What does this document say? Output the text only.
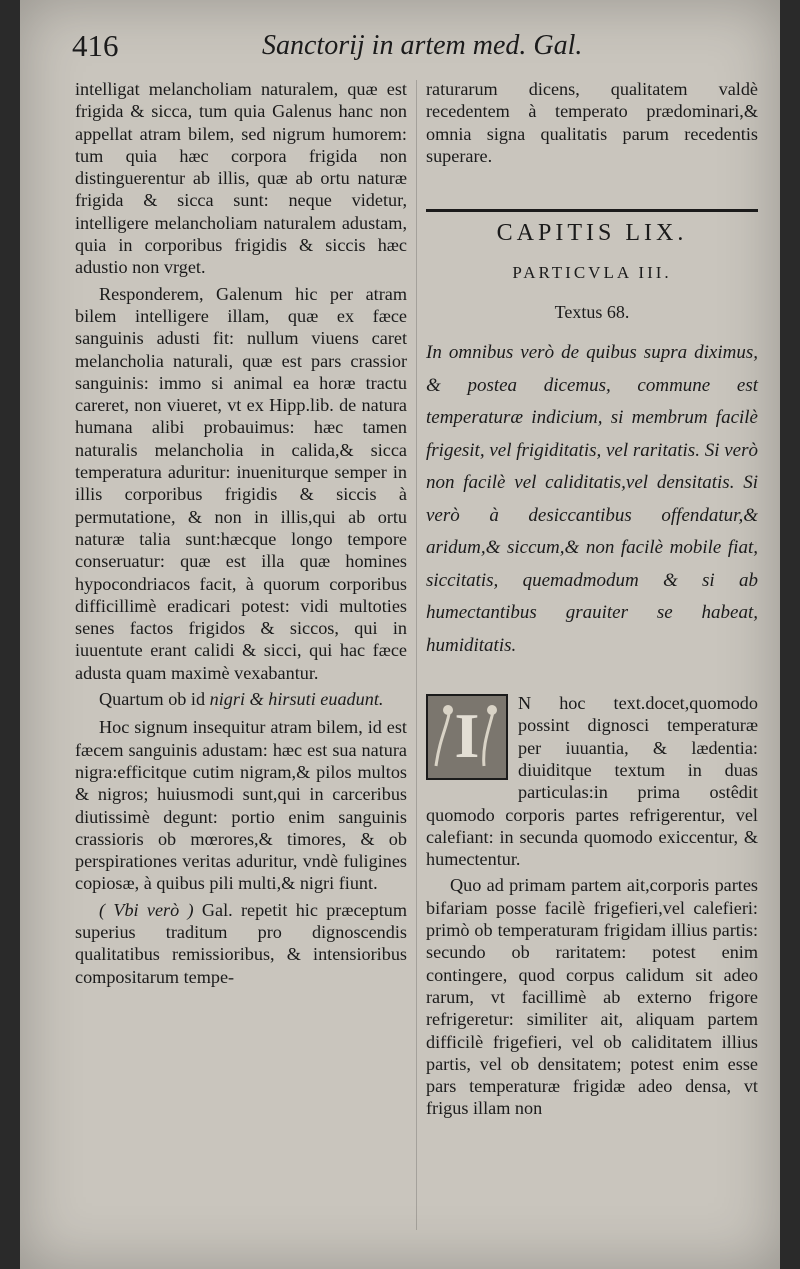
416	Sanctorij in artem med. Gal.

intelligat melancholiam naturalem, quæ est frigida & sicca, tum quia Galenus hanc non appellat atram bilem, sed nigrum humorem: tum quia hæc corpora frigida non distinguerentur ab illis, quæ ab ortu naturæ frigida & sicca sunt: neque videtur, intelligere melancholiam naturalem adustam, quia in corporibus frigidis & siccis hæc adustio non vrget.

Responderem, Galenum hic per atram bilem intelligere illam, quæ ex fæce sanguinis adusti fit: nullum viuens caret melancholia naturali, quæ est pars crassior sanguinis: immo si animal ea horæ tractu careret, non viueret, vt ex Hipp.lib. de natura humana alibi probauimus: hæc tamen naturalis melancholia in calida,& sicca temperatura aduritur: inueniturque semper in illis corporibus frigidis & siccis à permutatione, & non in illis,qui ab ortu naturæ talia sunt:hæcque longo tempore conseruatur: quæ est illa quæ homines hypocondriacos facit, à quorum corporibus difficillimè eradicari potest: vidi multoties senes factos frigidos & siccos, qui in iuuentute erant calidi & sicci, qui hac fæce adusta quam maximè vexabantur.

Quartum ob id nigri & hirsuti euadunt.

Hoc signum insequitur atram bilem, id est fæcem sanguinis adustam: hæc est sua natura nigra:efficitque cutim nigram,& pilos multos & nigros; huiusmodi sunt,qui in carceribus diutissimè degunt: portio enim sanguinis crassioris ob mœrores,& timores, & ob perspirationes veritas aduritur, vndè fuligines copiosæ, à quibus pili multi,& nigri fiunt.

( Vbi verò ) Gal. repetit hic præceptum superius traditum pro dignoscendis qualitatibus remissioribus, & intensioribus compositarum tempe-

raturarum dicens, qualitatem valdè recedentem à temperato prædominari,& omnia signa qualitatis parum recedentis superare.

CAPITIS LIX.
PARTICVLA III.
Textus 68.

In omnibus verò de quibus supra diximus, & postea dicemus, commune est temperaturæ indicium, si membrum facilè frigesit, vel frigiditatis, vel raritatis. Si verò non facilè vel caliditatis,vel densitatis. Si verò à desiccantibus offendatur,& aridum,& siccum,& non facilè mobile fiat, siccitatis, quemadmodum & si ab humectantibus grauiter se habeat, humiditatis.

I	N hoc text.docet,quomodo possint dignosci temperaturæ per iuuantia, & lædentia: diuiditque textum in duas particulas:in prima ostêdit quomodo corporis partes refrigerentur, vel calefiant: in secunda quomodo exiccentur, & humectentur.

Quo ad primam partem ait,corporis partes bifariam posse facilè frigefieri,vel calefieri: primò ob temperaturam frigidam illius partis: secundo ob raritatem: potest enim contingere, quod corpus calidum sit adeo rarum, vt facillimè ab externo frigore refrigeretur: similiter ait, aliquam partem difficilè frigefieri, vel ob caliditatem illius partis, vel ob densitatem; potest enim esse pars temperaturæ frigidæ adeo densa, vt frigus illam non
